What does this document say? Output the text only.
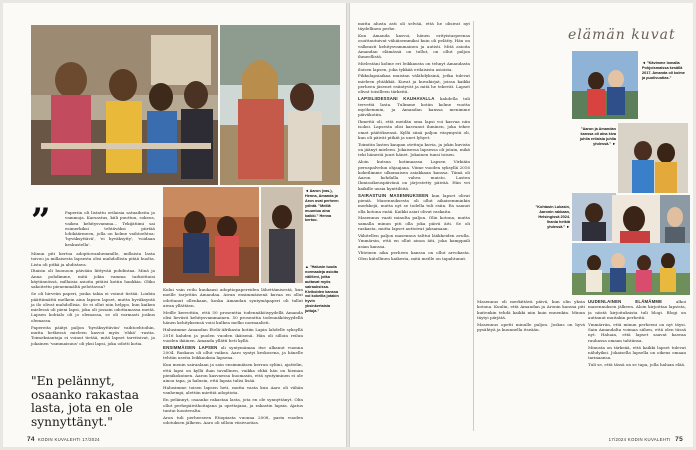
◄ Aaron (vas.), Henna, Amanda ja Aron ovat perheen ydintä. "Meillä muuntuu aina kaikki." Henna kertoo.
▲ "Halusin tuoda normaaleja asioita välilleni, jotka auttavat myös sairauksissa. Kivikoiden kanssa voi kokeilla jotakin hyvin yksinkertaisia juttuja."
”	Paperiin oli listattu erilaisia satuaiheita ja vammoja. Karsastus, kiili puuttuu, sokeus, vaikea kehitysvamma... Tekijätiimi sai esimerkiksi tehtäväksi piirtää lohikäärmeen, jolla on kolme vaihtoehtoa: 'hyväksyttävä', 'ei hyväksytty', 'voidaan keskustella'.

Minun piti kertoa adoptiovanhemmille, millaista lasta toivoo ja millaisesta lapsesta olisi mahdollista pitää huolta. Lista oli pitkä ja ahdistava.

Iltaisin oli huonoon päivään liittyvää pohdintaa. Minä ja Anna pohdimme, mitä jokin vamma tarkoittaisi käytännössä, millaisia asioita pitäisi kotiin hankkia. Oliko sakoitettu pienemmältä pelottavaa?

Se oli hirveän paperi, jonka takia ei voinut tietää. Loubin päättämättä melkein aina lapsen lapset, mutta hyväksyntä ja ilo olivat mahdollisia. Se ei ollut niin helppo, kun kaiken mielessä oli pieni lapsi, joka oli jossain odottamassa meitä. Lapsen kohtalo oli jo olemassa, se oli varmasti joskus olemassa.

Papereita päätyi paljon 'hyväksyttäviin' vaihtoehtoihin, mutta hetkessä mieleen kasvoi myös 'ehkä' -rastia. Toimeksiantaja ei voinut tietää, mitä lapset tarvitsivat, ja jokainen 'vammaisuus' oli yksi lapsi, joka odotti kotia.

"En pelännyt, osaanko rakastaa lasta, jota en ole synnyttänyt."

Kului vain reilu kuukausi adoptiopapereiden lähettämisestä, kun meille tarjottiin Amandaa. Aivan ensimmäisenä kuvaa en ollut odottanut ollenkaan, koska Amandan syntymäpaperi oli tullut aivan yllättäen.

Meille kerrottiin, että 50 prosenttia todennäköisyydellä Amanda olisi lievästi kehitysvammainen. 50 prosenttia todennäköisyydellä hänen kehityksensä voisi kulkea melko normaalisti.

Halusimme Amandan Etelä-Afrikasta kotiin Lapin lahdelle syksyllä 2016 kahden ja puolen vuoden ikäisenä. Hän oli silloin reilun vuoden ikäinen. Amanda yllätti heti kyllä.

ENSIMMÄISEN LAPSEN oli syntymämaa itse alkanut vuonna 2004. Raskaus oli ollut vaikea. Aaro syntyi keskosena, ja hänelle tehtiin useita leikkauksia lapsena.

Kun menin sairaalaan ja sain ensimmäisen kerran syliini, ajattelin, että lapsi on kyllä ihan tavallinen, vaikka ehkä hän on hieman pienikokoinen. Aaron kasvaessa huomasin, että syntyiminen ei ole ainoa tapa, ja halusin, että lapsia tulisi lisää.

Halusimme toisen lapsen heti, mutta vasta kun Aaro oli vähän vanhempi, alettiin miettiä adoptiota.

En pelännyt, osaanko rakastaa lasta, jota en ole synnyttänyt. Olin ollut perhepäivähoitajana ja opettajana, ja rakastin lapsia. Ajatus tuntui luontevalta.

Aron tuli perheeseen Etiopiasta vuonna 2008, parin vuoden odotuksen jälkeen. Aaro oli silloin viisivuotias.

74 KODIN KUVALEHTI 17/2024

mutta alusta asti oli selvää, että he olisivat nyt täydellinen perhe.

Kun Amanda kasvoi, hänen erityistarpeensa osoittautuivat vähäisemmiksi kuin oli pelätty. Hän on valkeasti kehitysvammainen ja autisti. Mitä asioita Amandan elämässä on tullut, on ollut paljon ihmeellistä.

Mielestäni kolme eri leikkausta on tehnyt Amandasta iloisen lapsen, joka tykkää erilaisista asioista.

Pikkulapsiaikaa muistan välähdyksinä, jotka tulevat mieleen yhtäkkiä. Kuvat ja kuvakirjat, joissa kaikki perheen jäsenet esiintyvät ja mitä he tekevät. Lapset olivat toisilleen tärkeitä.

LAPSILIIDESSANI KAUHAVALLA kahdella tuli tervettä lasta. Tulimme kotiin kolme vuotta myöhemmin, ja Amandan kanssa menimme päiväkotiin.

Ihmettä oli, että meidän oma lapsi voi kasvaa niin isoksi. Lapsesta olisi kasvanut ihminen, joka tekee omat päätöksensä. Kyllä siinä paljon väsymystä oli, kun oli päivät pitkät ja unet lyhyet.

Toimitin lasten kaupan otettuja kuvia, ja jokin kuvista on jäänyt mieleen. Jokaisessa lapsessa oli jotain, mikä teki hänestä juuri hänet. Jokainen tunsi toisen.

Aloin kutsua kotimaassa Lapsen Virkiäin peruspalvelun ohjaajana. Viime vuoden syksyllä 2016 kokeilimme ulkomaisen asiakkaan kanssa. Tämä oli Aaron kohdalla vahva muisto. Lasten Ihmisoikeuspäivänä on järjestetty päivää. Hän vei kaikille uusia kynttilöitä.

SAIRASTUIN MASENNUKSEEN kun lapset olivat pieniä. Masennuksesta oli ollut aikaisemminkin merkkejä, mutta nyt se todella tuli esiin. En saanut olla kotona enää. Kaikki asiat olivat raskaita.

Masennus vaati minulta paljon. Olin kotona, mutta samalla minun piti olla joka päivä äiti. Se oli raskasta, mutta lapset auttoivat jaksamaan.

Vähitellen paljon masennus talttui lääkkeiden avulla. Ymmärsin, että en ollut ainoa äiti, joka kamppaili asian kanssa.

Yhteinen aika perheen kanssa on ollut arvokasta. Olen kiitollinen kaikesta, mitä meille on tapahtunut.

Masennus oli merkittävä päivä, kun olin yksin kotona. Kuulin, että Amandan ja Aronin kanssa piti kuitenkin tehdä kaikki niin kuin ennenkin. Minun täytyi pärjätä.

Masennus opetti minulle paljon. Joskus on hyvä pysähtyä ja kuunnella itseään.

UUDENLAINEN ELÄMÄMME	alkoi masennuksen jälkeen. Aloin kirjoittaa lapsista, ja niistä kirjoituksista tuli blogi. Blogi on auttanut muitakin perheitä.

Ymmärrän, että minun perheeni on nyt täysi. Sain Amandalta voimaa siihen, että olen tässä nyt. Haluan, että lapset saavat kasvaa rauhassa omaan tahtiinsa.

Minusta on tärkeää, että kaikki lapset tulevat nähdyiksi. Jokaisella lapsella on oikeus omaan tarinaansa.

Tuli se, että tässä on se tapa, jolla haluan elää.

elämän kuvat
◄ "Kävimme lomalla Pohjoismaissa kesällä 2017. Amanda oli kolme ja puolivuotias."
"Aaron ja Amandan kanssa oli aina kiva juhlia erilaisia juhlia yhdessä." ►
"Kohtasin Lukasin, Aaronin rakkaan, Helsingissä 2024. Ihania hetkiä yhdessä." ►
17/2024 KODIN KUVALEHTI 75
